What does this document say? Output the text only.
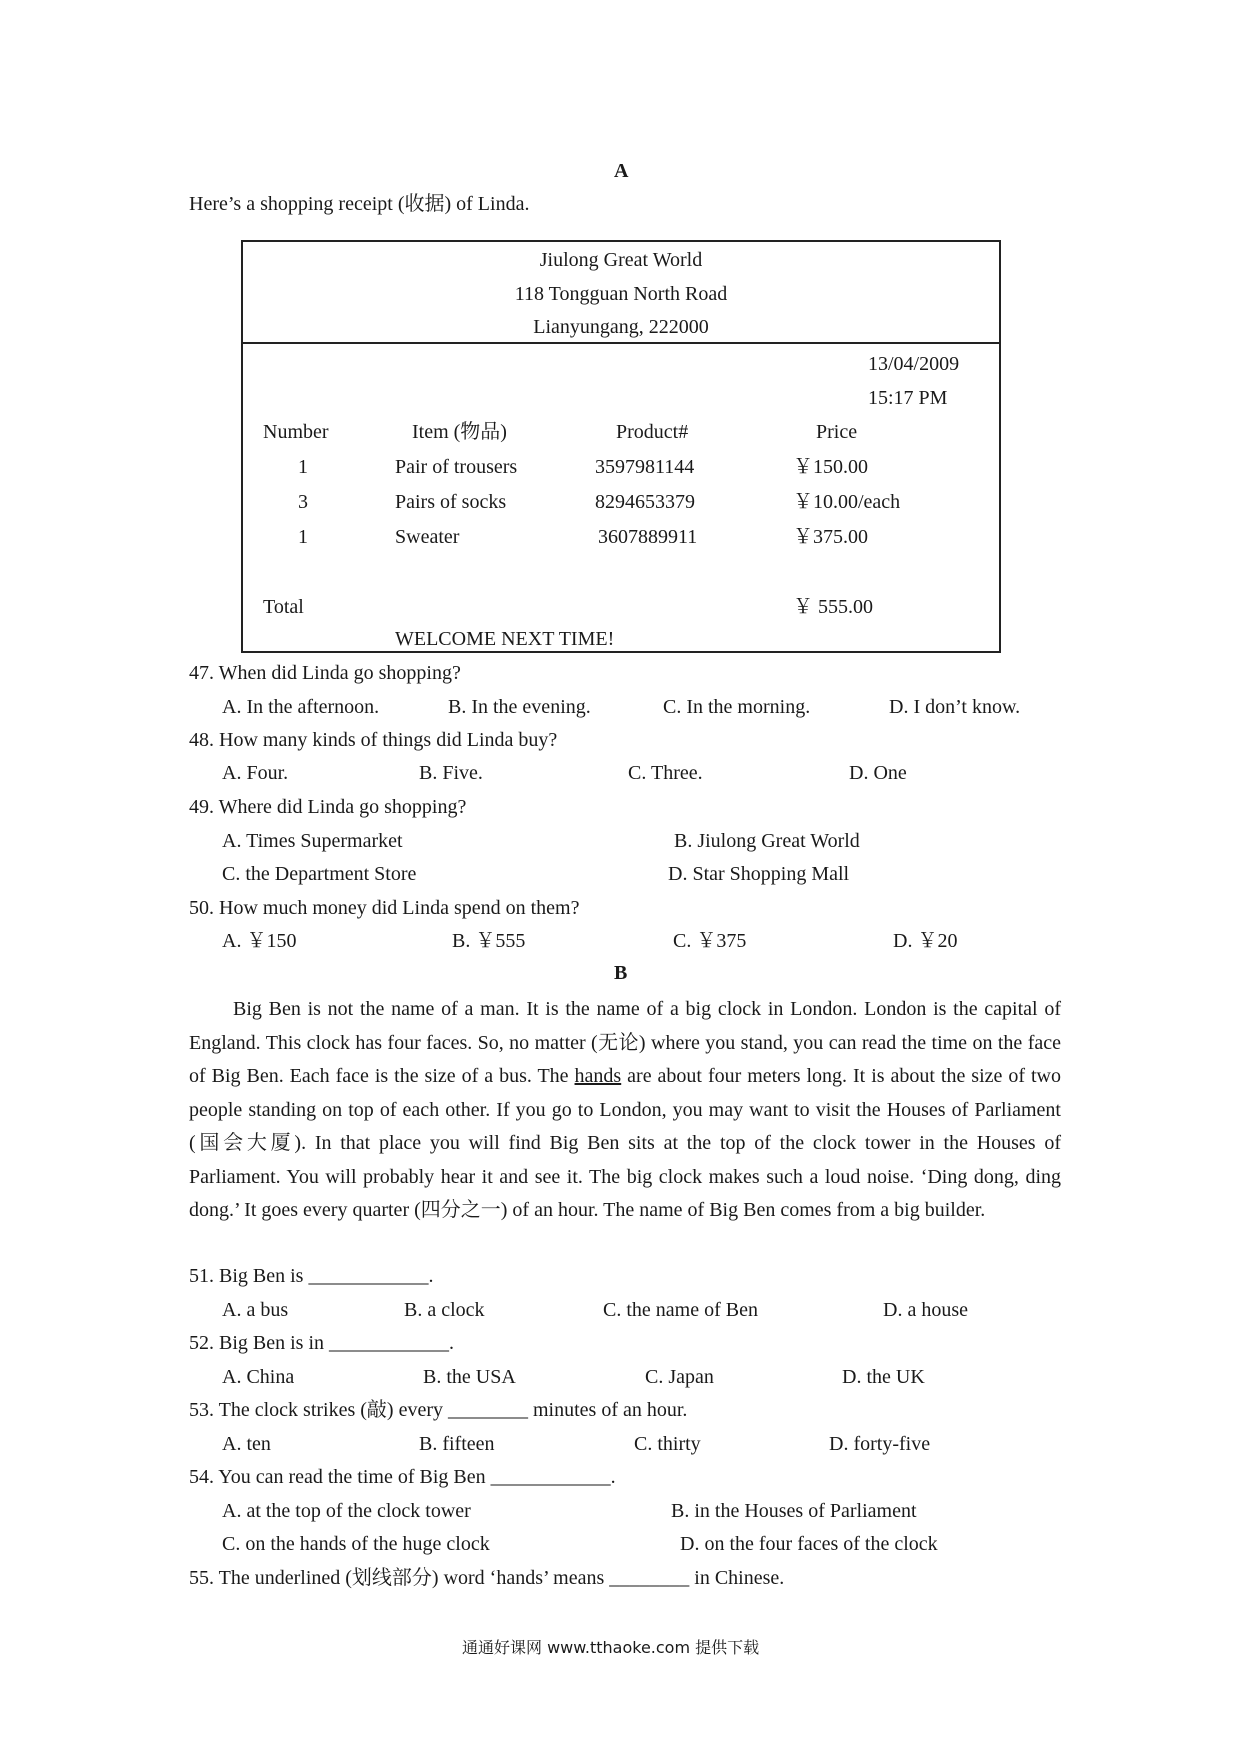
A
Here’s a shopping receipt (收据) of Linda.
Jiulong Great World
118 Tongguan North Road
Lianyungang, 222000
13/04/2009
15:17 PM
Number	Item (物品)	Product#	Price
1	Pair of trousers	3597981144	￥150.00
3	Pairs of socks	8294653379	￥10.00/each
1	Sweater	3607889911	￥375.00
Total	￥ 555.00
WELCOME NEXT TIME!
47. When did Linda go shopping?
A. In the afternoon.	B. In the evening.	C. In the morning.	D. I don’t know.
48. How many kinds of things did Linda buy?
A. Four.	B. Five.	C. Three.	D. One
49. Where did Linda go shopping?
A. Times Supermarket	B. Jiulong Great World
C. the Department Store	D. Star Shopping Mall
50. How much money did Linda spend on them?
A. ￥150	B. ￥555	C. ￥375	D. ￥20
B
Big Ben is not the name of a man. It is the name of a big clock in London. London is the capital of England. This clock has four faces. So, no matter (无论) where you stand, you can read the time on the face of Big Ben. Each face is the size of a bus. The hands are about four meters long. It is about the size of two people standing on top of each other. If you go to London, you may want to visit the Houses of Parliament (国会大厦). In that place you will find Big Ben sits at the top of the clock tower in the Houses of Parliament. You will probably hear it and see it. The big clock makes such a loud noise. ‘Ding dong, ding dong.’ It goes every quarter (四分之一) of an hour. The name of Big Ben comes from a big builder.
51. Big Ben is ____________.
A. a bus	B. a clock	C. the name of Ben	D. a house
52. Big Ben is in ____________.
A. China	B. the USA	C. Japan	D. the UK
53. The clock strikes (敲) every ________ minutes of an hour.
A. ten	B. fifteen	C. thirty	D. forty-five
54. You can read the time of Big Ben ____________.
A. at the top of the clock tower	B. in the Houses of Parliament
C. on the hands of the huge clock	D. on the four faces of the clock
55. The underlined (划线部分) word ‘hands’ means ________ in Chinese.
通通好课网 www.tthaoke.com 提供下载
